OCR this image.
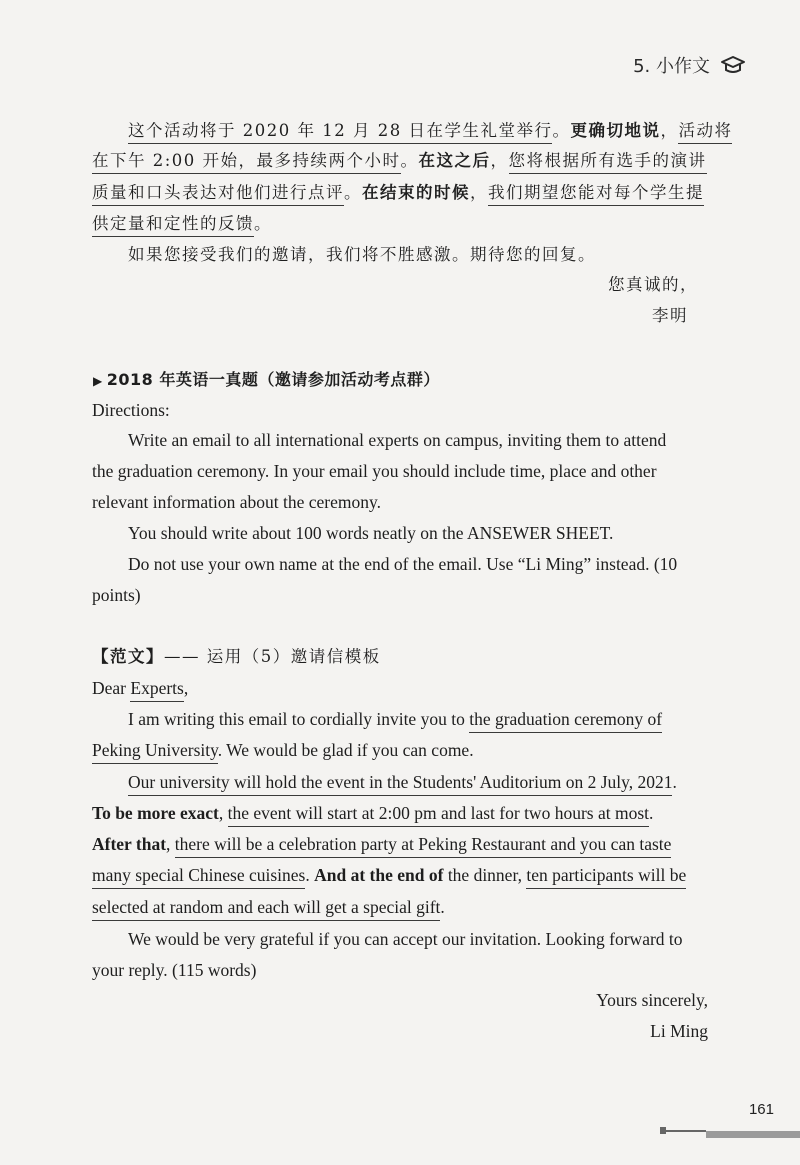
5. 小作文
这个活动将于 2020 年 12 月 28 日在学生礼堂举行。更确切地说，活动将
在下午 2:00 开始，最多持续两个小时。在这之后，您将根据所有选手的演讲
质量和口头表达对他们进行点评。在结束的时候，我们期望您能对每个学生提
供定量和定性的反馈。
如果您接受我们的邀请，我们将不胜感激。期待您的回复。
您真诚的，
李明
▶ 2018 年英语一真题（邀请参加活动考点群）
Directions:
Write an email to all international experts on campus, inviting them to attend
the graduation ceremony. In your email you should include time, place and other
relevant information about the ceremony.
You should write about 100 words neatly on the ANSEWER SHEET.
Do not use your own name at the end of the email. Use “Li Ming” instead. (10
points)
【范文】—— 运用（5）邀请信模板
Dear Experts,
I am writing this email to cordially invite you to the graduation ceremony of
Peking University. We would be glad if you can come.
Our university will hold the event in the Students' Auditorium on 2 July, 2021.
To be more exact, the event will start at 2:00 pm and last for two hours at most.
After that, there will be a celebration party at Peking Restaurant and you can taste
many special Chinese cuisines. And at the end of the dinner, ten participants will be
selected at random and each will get a special gift.
We would be very grateful if you can accept our invitation. Looking forward to
your reply. (115 words)
Yours sincerely,
Li Ming
161
